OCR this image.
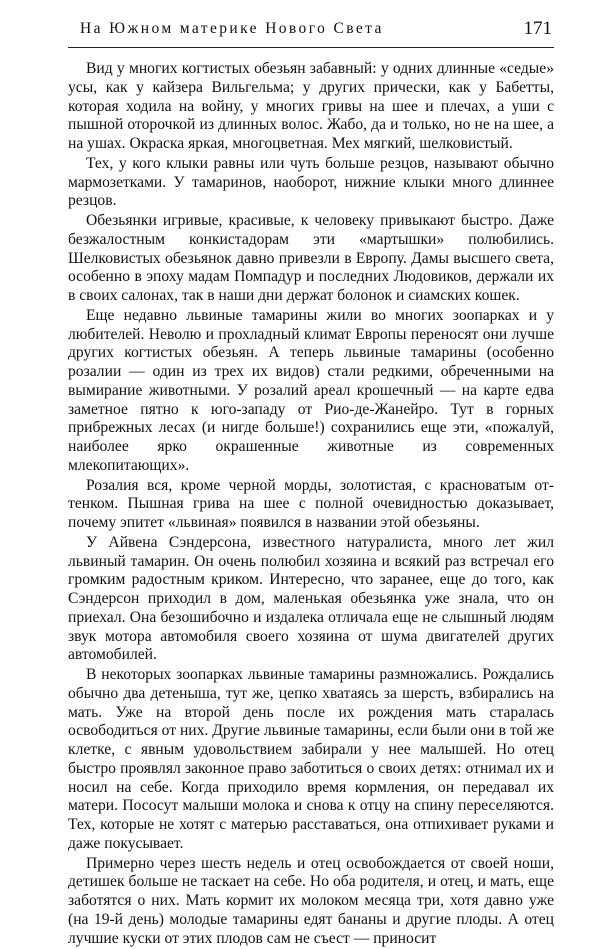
На Южном материке Нового Света	171

Вид у многих когтистых обезьян забавный: у одних длинные «седые» усы, как у кайзера Вильгельма; у других прически, как у Бабетты, которая ходила на войну, у многих гривы на шее и плечах, а уши с пышной оторочкой из длинных волос. Жабо, да и только, но не на шее, а на ушах. Окраска яркая, многоцветная. Мех мягкий, шелковистый.

Тех, у кого клыки равны или чуть больше резцов, называют обычно мармозетками. У тамаринов, наоборот, нижние клыки много длиннее резцов.

Обезьянки игривые, красивые, к человеку привыкают быстро. Даже безжалостным конкистадорам эти «мартышки» полюбились. Шелковистых обезьянок давно привезли в Европу. Дамы высшего света, особенно в эпоху мадам Помпадур и последних Людовиков, держали их в своих салонах, так в наши дни держат болонок и сиамских кошек.

Еще недавно львиные тамарины жили во многих зоопарках и у любителей. Неволю и прохладный климат Европы переносят они лучше других когтистых обезьян. А теперь львиные тамарины (особенно розалии — один из трех их видов) стали редкими, обреченными на вымирание животными. У розалий ареал крошечный — на карте едва заметное пятно к юго-западу от Рио-де-Жанейро. Тут в горных прибрежных лесах (и нигде больше!) сохранились еще эти, «пожалуй, наиболее ярко окрашенные животные из современных млекопитающих».

Розалия вся, кроме черной морды, золотистая, с красноватым оттенком. Пышная грива на шее с полной очевидностью доказывает, почему эпитет «львиная» появился в названии этой обезьяны.

У Айвена Сэндерсона, известного натуралиста, много лет жил львиный тамарин. Он очень полюбил хозяина и всякий раз встречал его громким радостным криком. Интересно, что заранее, еще до того, как Сэндерсон приходил в дом, маленькая обезьянка уже знала, что он приехал. Она безошибочно и издалека отличала еще не слышный людям звук мотора автомобиля своего хозяина от шума двигателей других автомобилей.

В некоторых зоопарках львиные тамарины размножались. Рождались обычно два детеныша, тут же, цепко хватаясь за шерсть, взбирались на мать. Уже на второй день после их рождения мать старалась освободиться от них. Другие львиные тамарины, если были они в той же клетке, с явным удовольствием забирали у нее малышей. Но отец быстро проявлял законное право заботиться о своих детях: отнимал их и носил на себе. Когда приходило время кормления, он передавал их матери. Пососут малыши молока и снова к отцу на спину переселяются. Тех, которые не хотят с матерью расставаться, она отпихивает руками и даже покусывает.

Примерно через шесть недель и отец освобождается от своей ноши, детишек больше не таскает на себе. Но оба родителя, и отец, и мать, еще заботятся о них. Мать кормит их молоком месяца три, хотя давно уже (на 19-й день) молодые тамарины едят бананы и другие плоды. А отец лучшие куски от этих плодов сам не съест — приносит
